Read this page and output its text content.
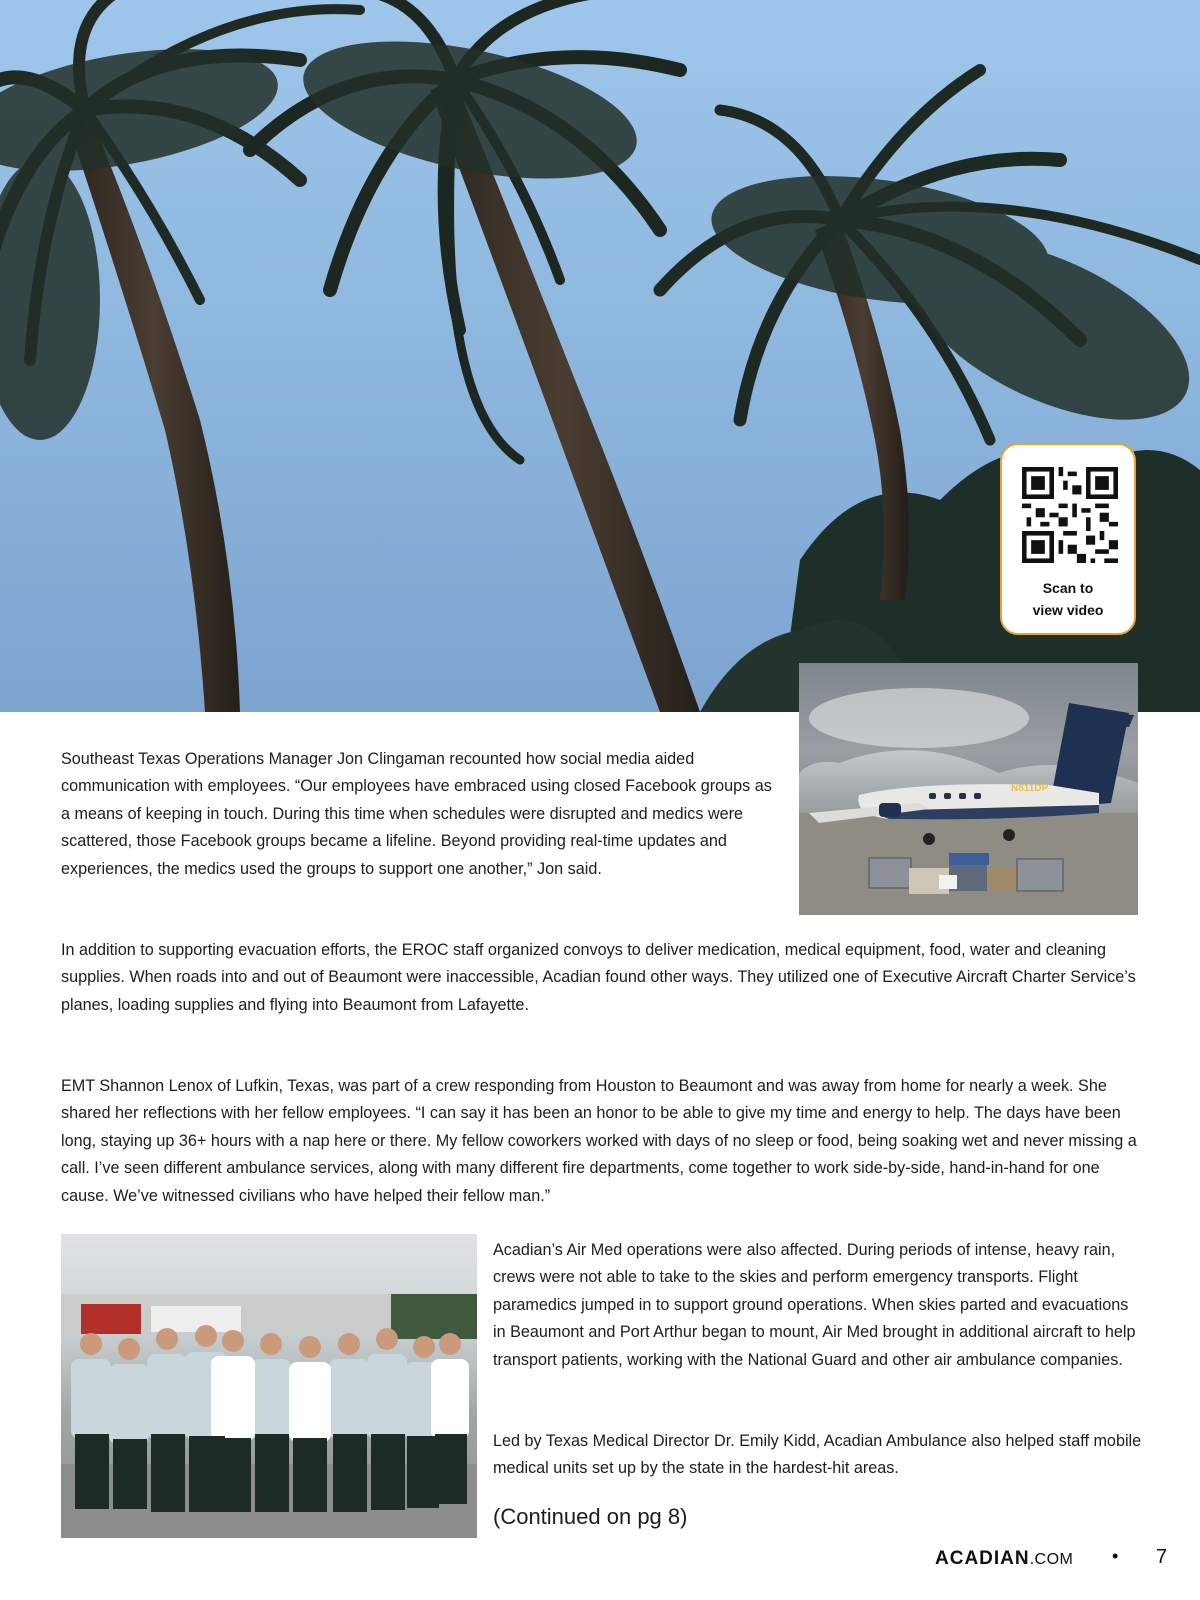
Scan to
view video
N811DP

Southeast Texas Operations Manager Jon Clingaman recounted how social media aided communication with employees. “Our employees have embraced using closed Facebook groups as a means of keeping in touch. During this time when schedules were disrupted and medics were scattered, those Facebook groups became a lifeline. Beyond providing real-time updates and experiences, the medics used the groups to support one another,” Jon said.

In addition to supporting evacuation efforts, the EROC staff organized convoys to deliver medication, medical equipment, food, water and cleaning supplies. When roads into and out of Beaumont were inaccessible, Acadian found other ways. They utilized one of Executive Aircraft Charter Service’s planes, loading supplies and flying into Beaumont from Lafayette.

EMT Shannon Lenox of Lufkin, Texas, was part of a crew responding from Houston to Beaumont and was away from home for nearly a week. She shared her reflections with her fellow employees. “I can say it has been an honor to be able to give my time and energy to help. The days have been long, staying up 36+ hours with a nap here or there. My fellow coworkers worked with days of no sleep or food, being soaking wet and never missing a call. I’ve seen different ambulance services, along with many different fire departments, come together to work side-by-side, hand-in-hand for one cause. We’ve witnessed civilians who have helped their fellow man.”

Acadian’s Air Med operations were also affected. During periods of intense, heavy rain, crews were not able to take to the skies and perform emergency transports. Flight paramedics jumped in to support ground operations. When skies parted and evacuations in Beaumont and Port Arthur began to mount, Air Med brought in additional aircraft to help transport patients, working with the National Guard and other air ambulance companies.

Led by Texas Medical Director Dr. Emily Kidd, Acadian Ambulance also helped staff mobile medical units set up by the state in the hardest-hit areas.

(Continued on pg 8)
ACADIAN.COM • 7
